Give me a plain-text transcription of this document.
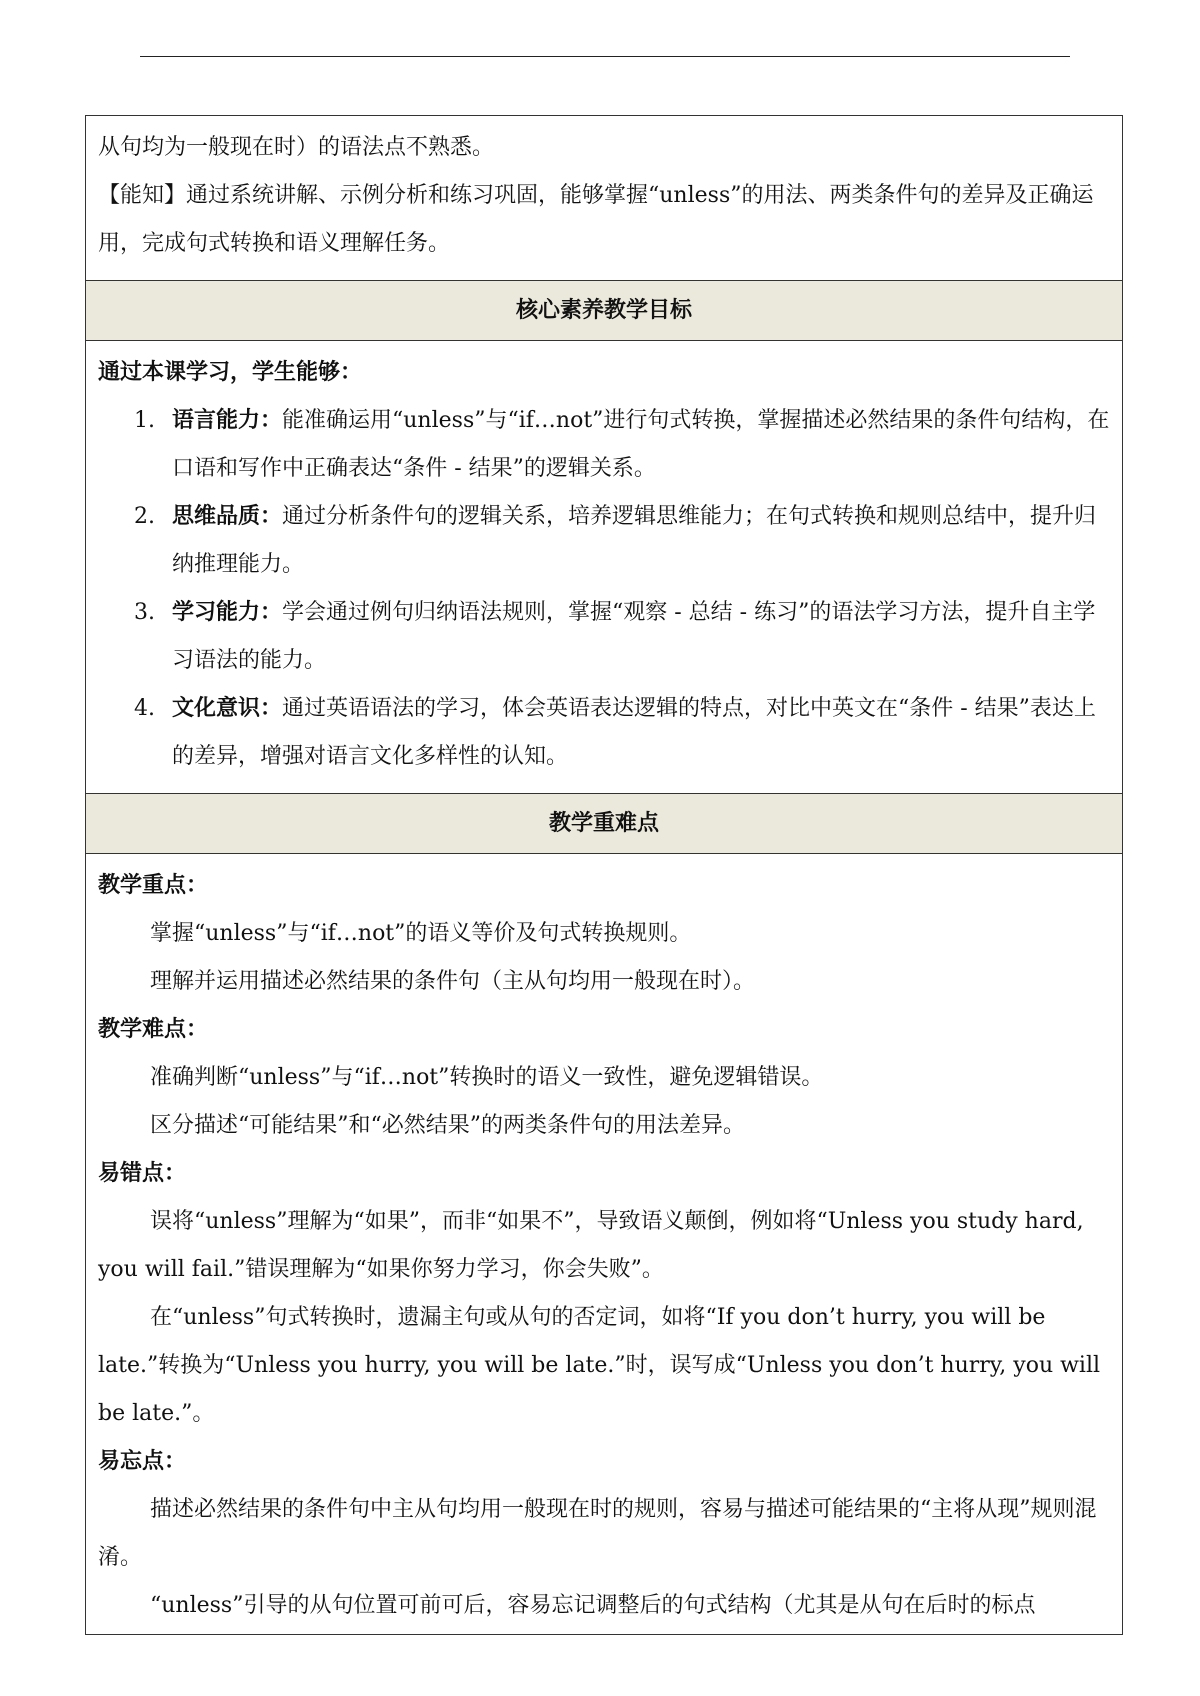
从句均为一般现在时）的语法点不熟悉。

【能知】通过系统讲解、示例分析和练习巩固，能够掌握“unless”的用法、两类条件句的差异及正确运用，完成句式转换和语义理解任务。

核心素养教学目标

通过本课学习，学生能够：

1. 语言能力：能准确运用“unless”与“if…not”进行句式转换，掌握描述必然结果的条件句结构，在口语和写作中正确表达“条件 - 结果”的逻辑关系。
2. 思维品质：通过分析条件句的逻辑关系，培养逻辑思维能力；在句式转换和规则总结中，提升归纳推理能力。
3. 学习能力：学会通过例句归纳语法规则，掌握“观察 - 总结 - 练习”的语法学习方法，提升自主学习语法的能力。
4. 文化意识：通过英语语法的学习，体会英语表达逻辑的特点，对比中英文在“条件 - 结果”表达上的差异，增强对语言文化多样性的认知。
教学重难点

教学重点：

掌握“unless”与“if…not”的语义等价及句式转换规则。

理解并运用描述必然结果的条件句（主从句均用一般现在时）。

教学难点：

准确判断“unless”与“if…not”转换时的语义一致性，避免逻辑错误。

区分描述“可能结果”和“必然结果”的两类条件句的用法差异。

易错点：

误将“unless”理解为“如果”，而非“如果不”，导致语义颠倒，例如将“Unless you study hard, you will fail.”错误理解为“如果你努力学习，你会失败”。

在“unless”句式转换时，遗漏主句或从句的否定词，如将“If you don’t hurry, you will be late.”转换为“Unless you hurry, you will be late.”时，误写成“Unless you don’t hurry, you will be late.”。

易忘点：

描述必然结果的条件句中主从句均用一般现在时的规则，容易与描述可能结果的“主将从现”规则混淆。

“unless”引导的从句位置可前可后，容易忘记调整后的句式结构（尤其是从句在后时的标点
